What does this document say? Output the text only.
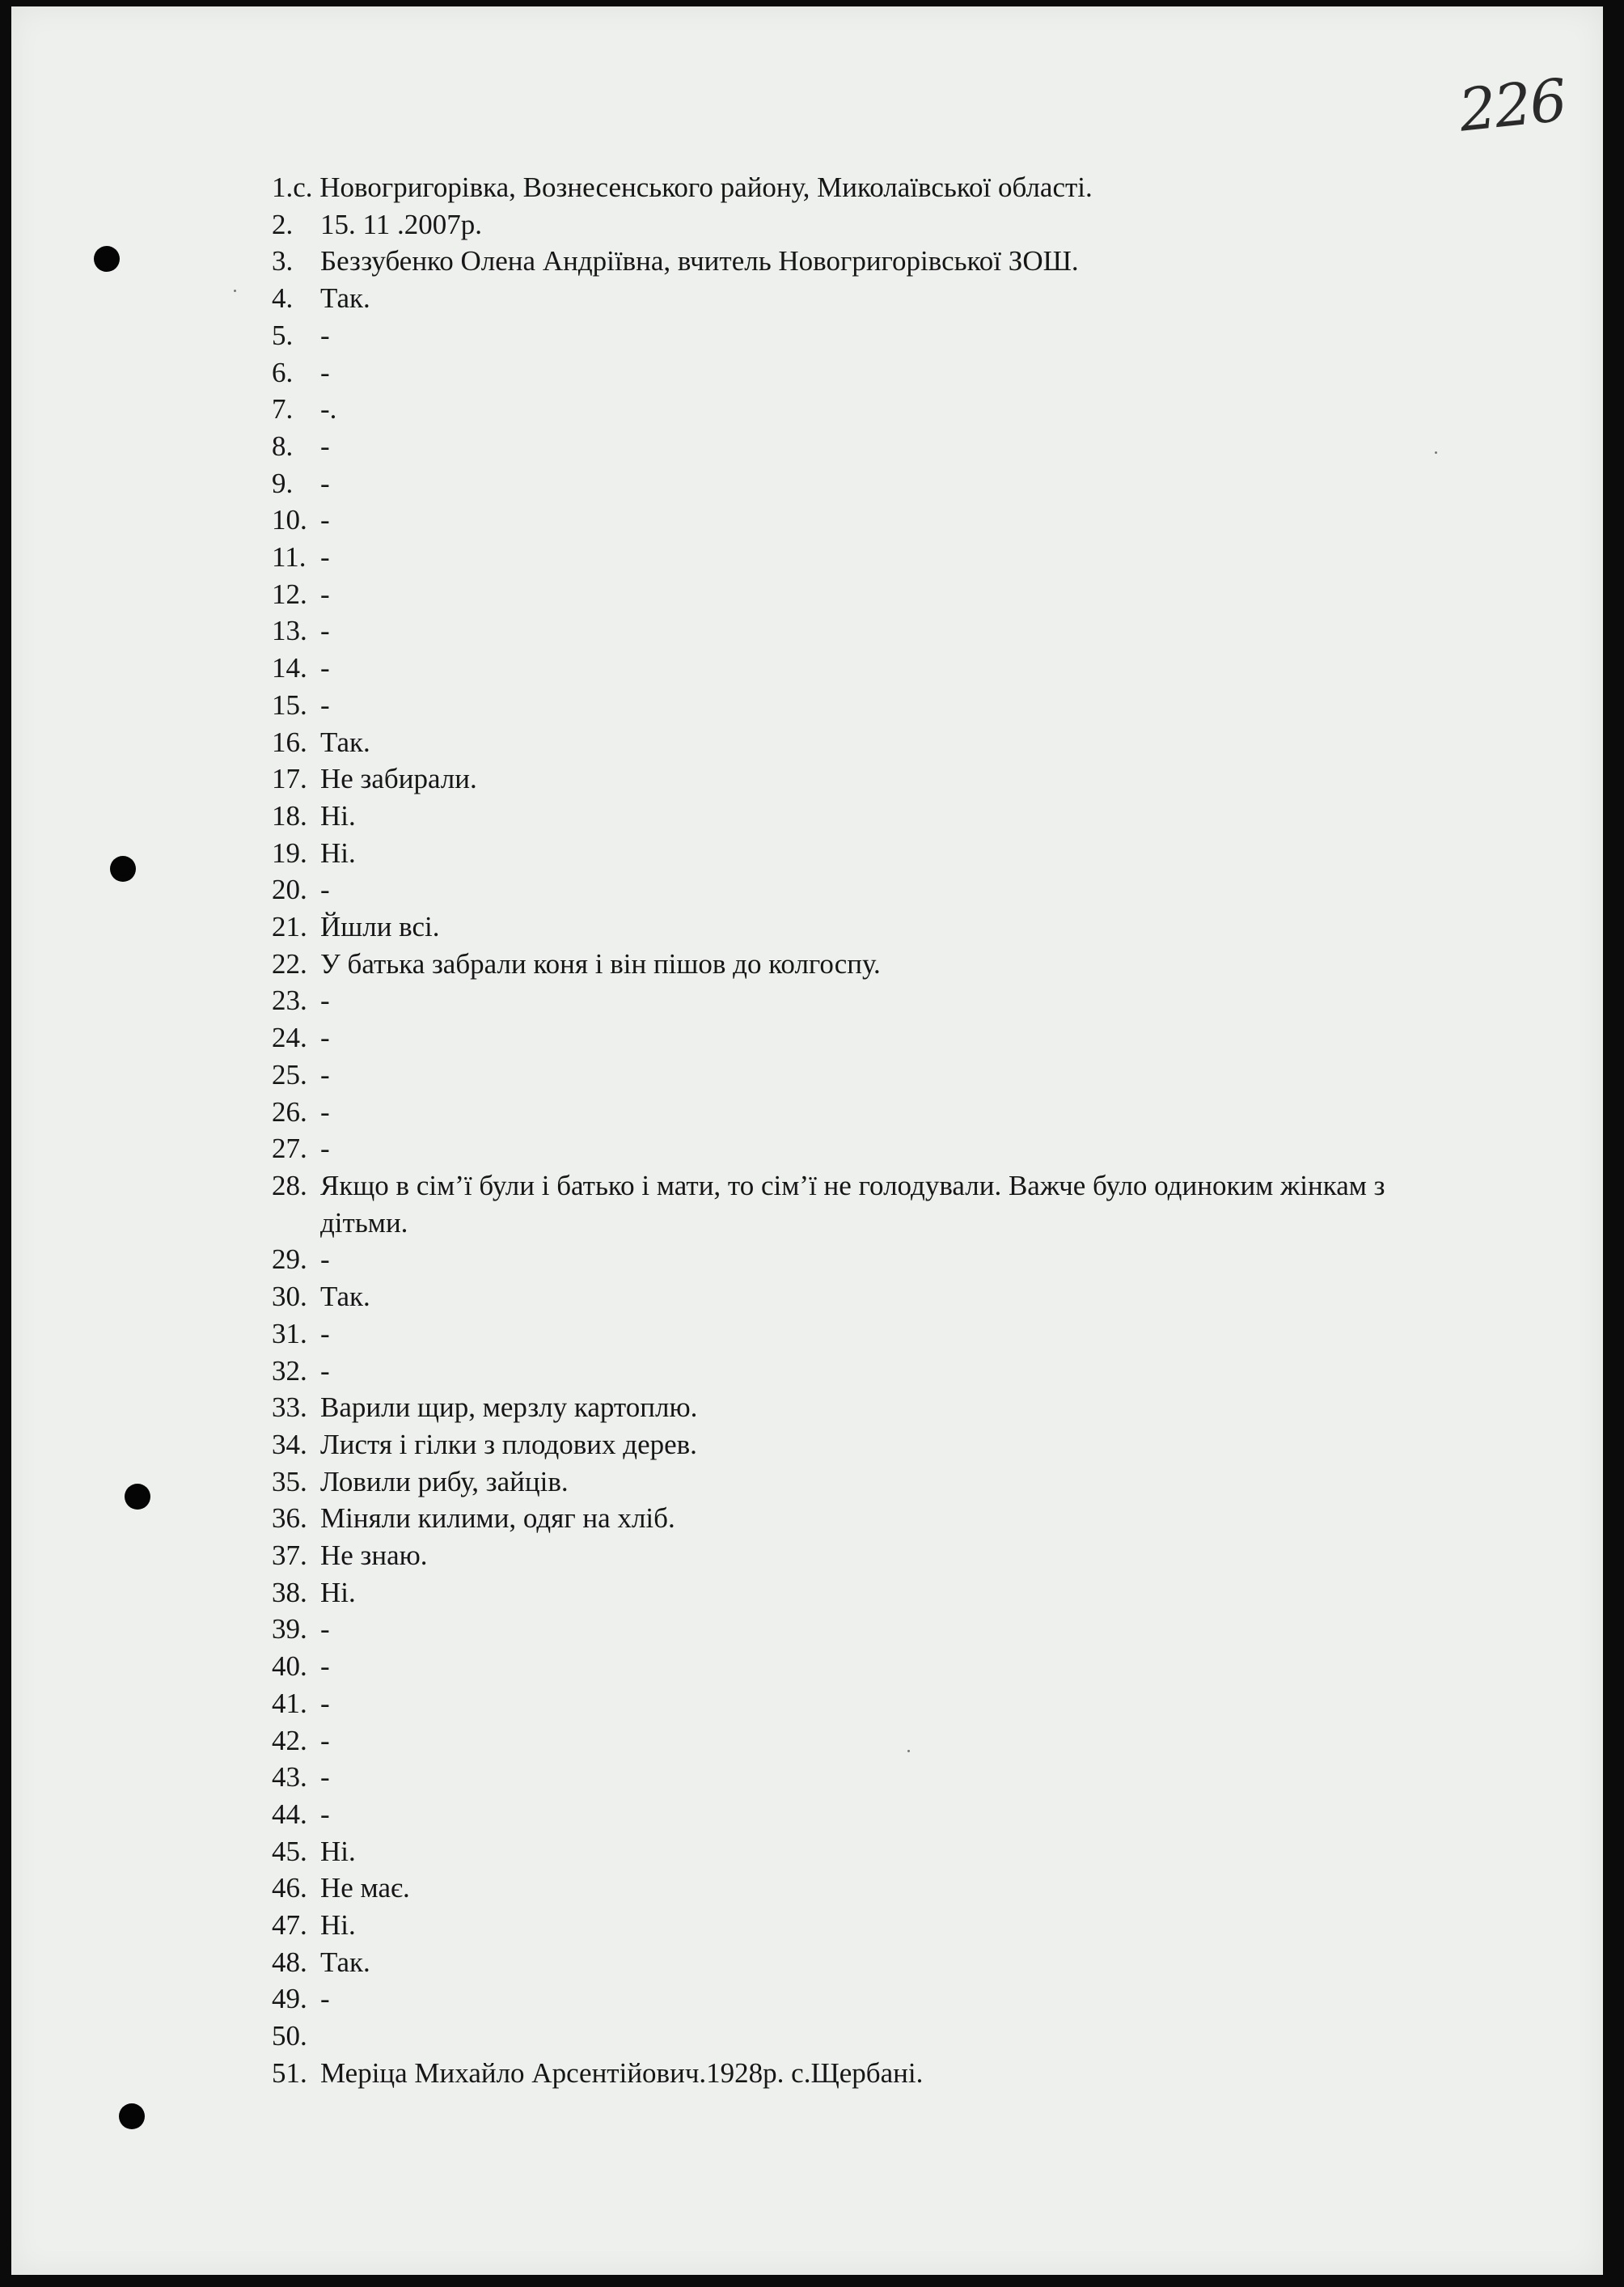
226
1. с. Новогригорівка, Вознесенського району, Миколаївської області.
2. 15. 11 .2007р.
3. Беззубенко Олена Андріївна, вчитель Новогригорівської ЗОШ.
4. Так.
5. -
6. -
7. -.
8. -
9. -
10. -
11. -
12. -
13. -
14. -
15. -
16. Так.
17. Не забирали.
18. Ні.
19. Ні.
20. -
21. Йшли всі.
22. У батька забрали коня і він пішов до колгоспу.
23. -
24. -
25. -
26. -
27. -
28. Якщо в сім’ї були і батько і мати, то сім’ї не голодували. Важче було одиноким жінкам з дітьми.
29. -
30. Так.
31. -
32. -
33. Варили щир, мерзлу картоплю.
34. Листя і гілки з плодових дерев.
35. Ловили рибу, зайців.
36. Міняли килими, одяг на хліб.
37. Не знаю.
38. Ні.
39. -
40. -
41. -
42. -
43. -
44. -
45. Ні.
46. Не має.
47. Ні.
48. Так.
49. -
50.
51. Меріца Михайло Арсентійович.1928р. с.Щербані.
